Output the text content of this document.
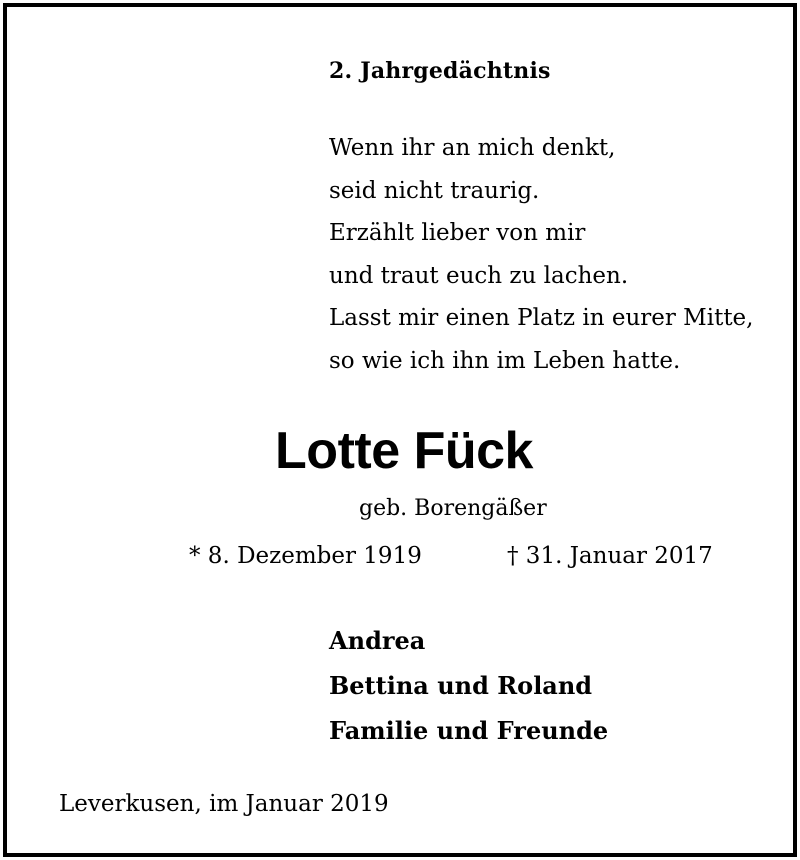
2. Jahrgedächtnis

Wenn ihr an mich denkt,
seid nicht traurig.
Erzählt lieber von mir
und traut euch zu lachen.
Lasst mir einen Platz in eurer Mitte,
so wie ich ihn im Leben hatte.

Lotte Fück

geb. Borengäßer

* 8. Dezember 1919	† 31. Januar 2017

Andrea
Bettina und Roland
Familie und Freunde

Leverkusen, im Januar 2019
